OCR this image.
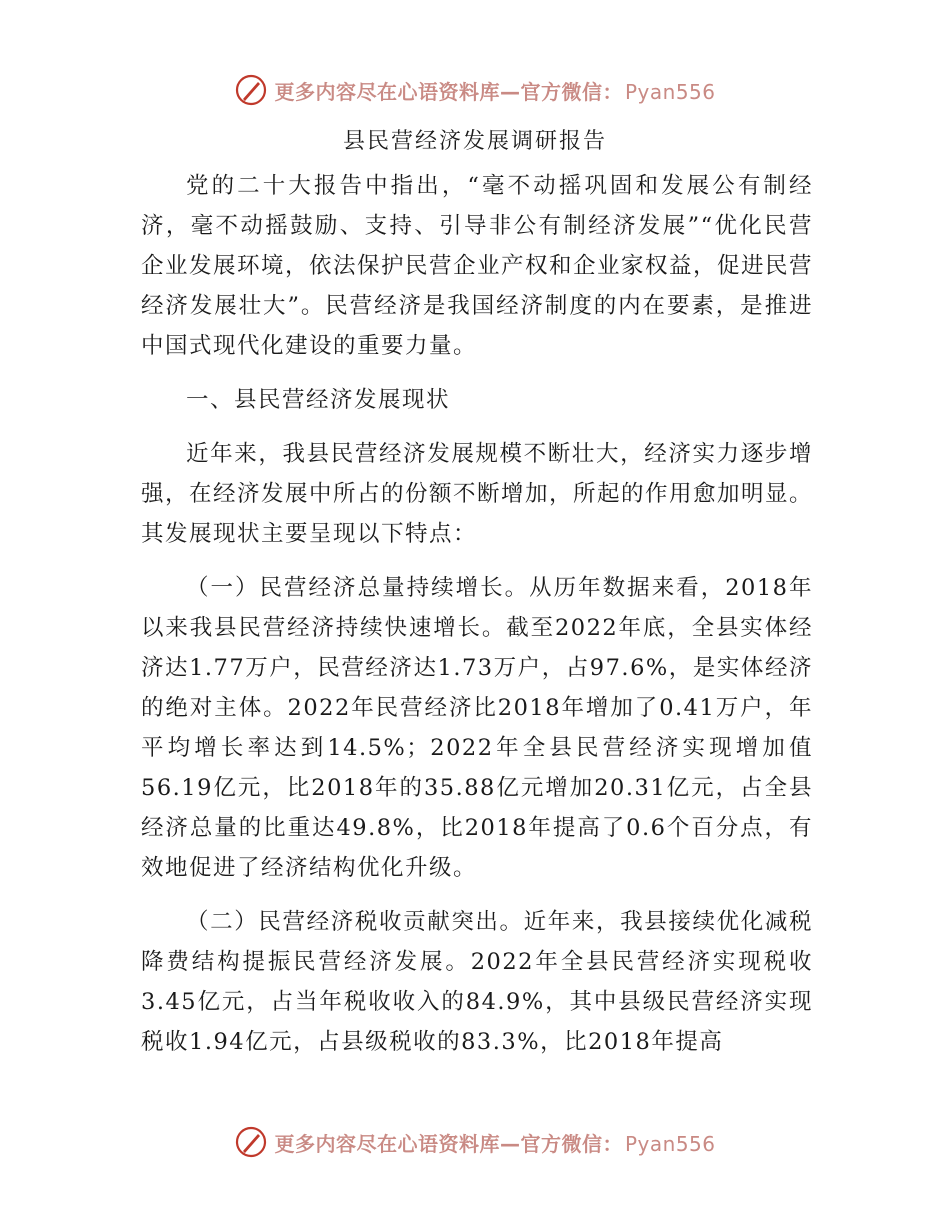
更多内容尽在心语资料库—官方微信： Pyan556
县民营经济发展调研报告

党的二十大报告中指出，“毫不动摇巩固和发展公有制经济，毫不动摇鼓励、支持、引导非公有制经济发展”“优化民营企业发展环境，依法保护民营企业产权和企业家权益，促进民营经济发展壮大”。民营经济是我国经济制度的内在要素，是推进中国式现代化建设的重要力量。

一、县民营经济发展现状

近年来，我县民营经济发展规模不断壮大，经济实力逐步增强，在经济发展中所占的份额不断增加，所起的作用愈加明显。其发展现状主要呈现以下特点：

（一）民营经济总量持续增长。从历年数据来看，2018年以来我县民营经济持续快速增长。截至2022年底，全县实体经济达1.77万户，民营经济达1.73万户，占97.6%，是实体经济的绝对主体。2022年民营经济比2018年增加了0.41万户，年平均增长率达到14.5%；2022年全县民营经济实现增加值56.19亿元，比2018年的35.88亿元增加20.31亿元，占全县经济总量的比重达49.8%，比2018年提高了0.6个百分点，有效地促进了经济结构优化升级。

（二）民营经济税收贡献突出。近年来，我县接续优化减税降费结构提振民营经济发展。2022年全县民营经济实现税收3.45亿元，占当年税收收入的84.9%，其中县级民营经济实现税收1.94亿元，占县级税收的83.3%，比2018年提高

更多内容尽在心语资料库—官方微信： Pyan556
